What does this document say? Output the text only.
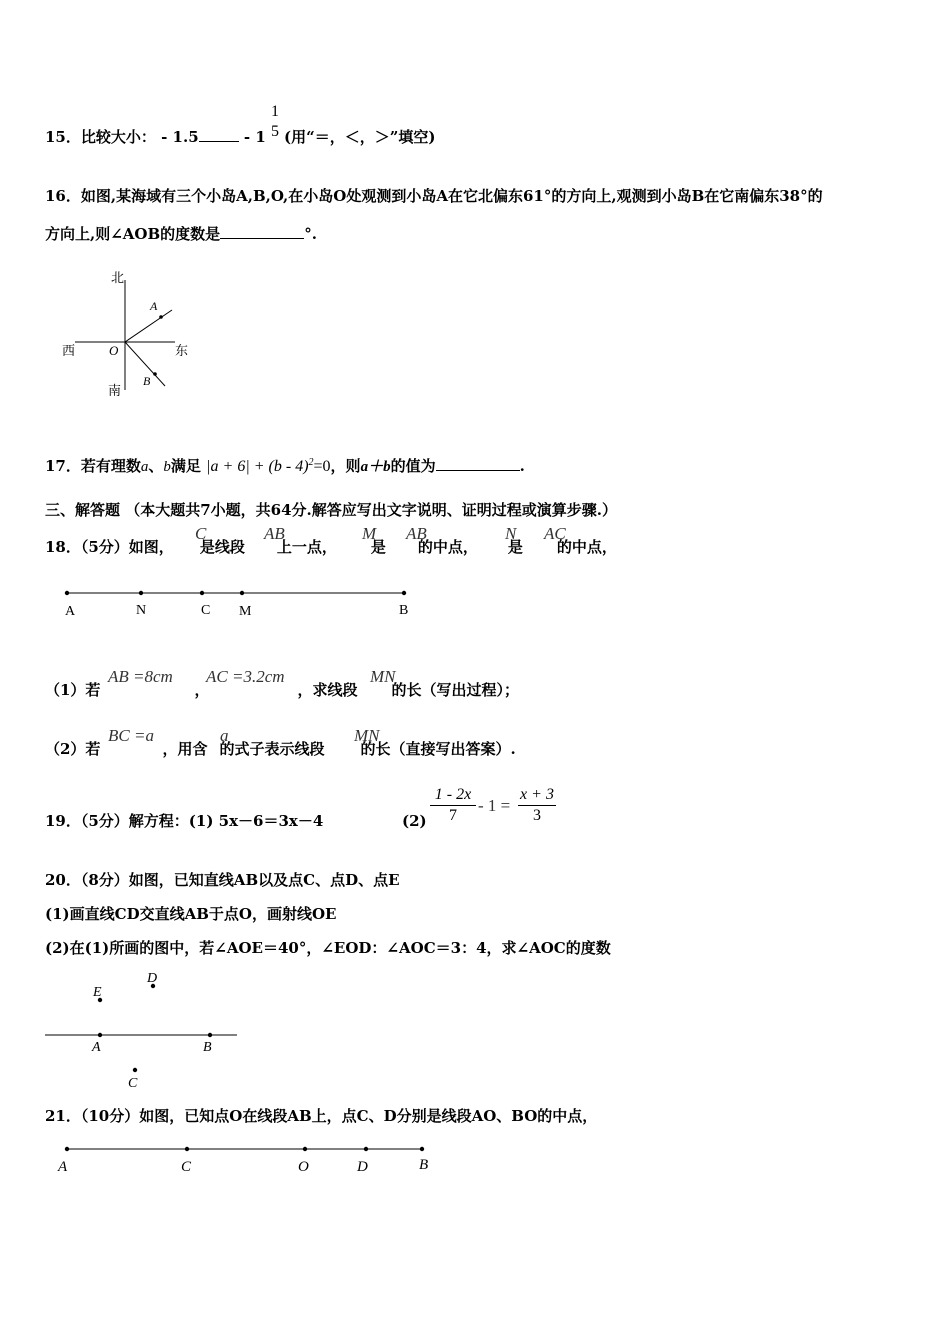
15．比较大小： - 1.5	- 1
1
5 (用“＝，＜，＞”填空)
16．如图,某海域有三个小岛A,B,O,在小岛O处观测到小岛A在它北偏东61°的方向上,观测到小岛B在它南偏东38°的
方向上,则∠AOB的度数是	°.
北
南
西	东
O
A
B
17．若有理数a、b满足 |a + 6| + (b - 4)$^2$=0，则a＋b的值为	.
三、解答题 （本大题共7小题，共64分.解答应写出文字说明、证明过程或演算步骤.）
18．（5分）如图， 是线段 上一点， 是 的中点， 是 的中点，
C	AB	M AB	N AC
A	N	C M	B
（1）若	，	，求线段 的长（写出过程）；
AB =8cm AC =3.2cm	MN
（2）若	，用含 的式子表示线段 的长（直接写出答案）.
BC =a	a	MN
19．（5分）解方程：(1) 5x－6＝3x－4	(2)
1 - 2x
7
- 1 =
x + 3
3
20．（8分）如图，已知直线AB以及点C、点D、点E
(1)画直线CD交直线AB于点O，画射线OE
(2)在(1)所画的图中，若∠AOE＝40°，∠EOD：∠AOC＝3：4，求∠AOC的度数
E
D
A	B
C
21．（10分）如图，已知点O在线段AB上，点C、D分别是线段AO、BO的中点，
A	C	O	D	B
